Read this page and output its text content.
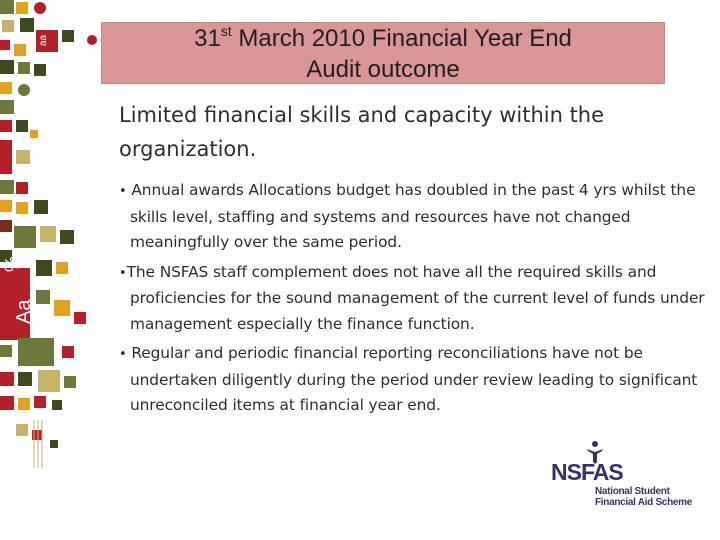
aa
%
Aa
31st March 2010 Financial Year End
Audit outcome

Limited financial skills and capacity within the organization.

• Annual awards Allocations budget has doubled in the past 4 yrs whilst the skills level, staffing and systems and resources have not changed meaningfully over the same period.
•The NSFAS staff complement does not have all the required skills and proficiencies for the sound management of the current level of funds under management especially the finance function.
• Regular and periodic financial reporting reconciliations have not be undertaken diligently during the period under review leading to significant unreconciled items at financial year end.
NSFAS
National Student
Financial Aid Scheme
